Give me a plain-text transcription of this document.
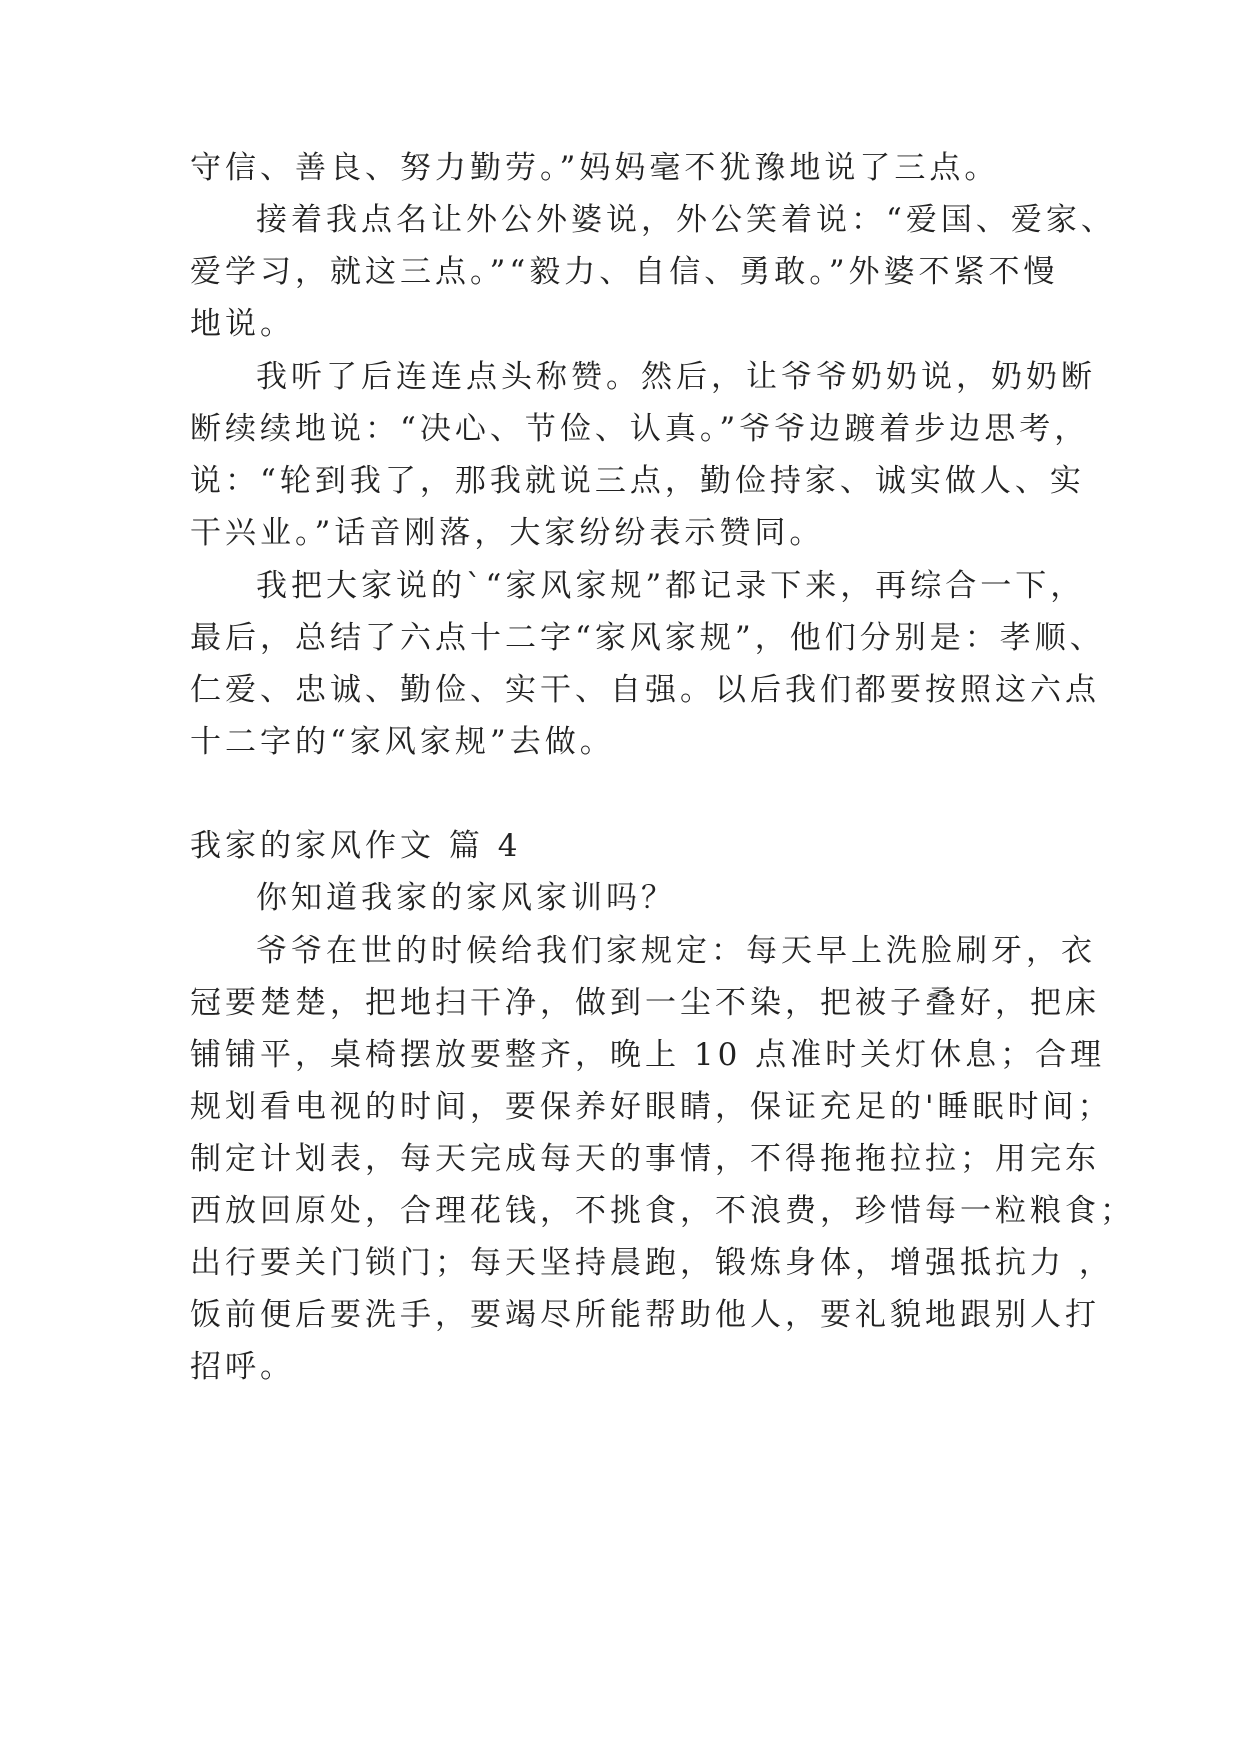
守信、善良、努力勤劳。”妈妈毫不犹豫地说了三点。
接着我点名让外公外婆说，外公笑着说：“爱国、爱家、
爱学习，就这三点。”“毅力、自信、勇敢。”外婆不紧不慢
地说。
我听了后连连点头称赞。然后，让爷爷奶奶说，奶奶断
断续续地说：“决心、节俭、认真。”爷爷边踱着步边思考，
说：“轮到我了，那我就说三点，勤俭持家、诚实做人、实
干兴业。”话音刚落，大家纷纷表示赞同。
我把大家说的`“家风家规”都记录下来，再综合一下，
最后，总结了六点十二字“家风家规”，他们分别是：孝顺、
仁爱、忠诚、勤俭、实干、自强。以后我们都要按照这六点
十二字的“家风家规”去做。
我家的家风作文 篇 4
你知道我家的家风家训吗？
爷爷在世的时候给我们家规定：每天早上洗脸刷牙，衣
冠要楚楚，把地扫干净，做到一尘不染，把被子叠好，把床
铺铺平，桌椅摆放要整齐，晚上 10 点准时关灯休息；合理
规划看电视的时间，要保养好眼睛，保证充足的'睡眠时间；
制定计划表，每天完成每天的事情，不得拖拖拉拉；用完东
西放回原处，合理花钱，不挑食，不浪费，珍惜每一粒粮食；
出行要关门锁门；每天坚持晨跑，锻炼身体，增强抵抗力 ，
饭前便后要洗手，要竭尽所能帮助他人，要礼貌地跟别人打
招呼。
